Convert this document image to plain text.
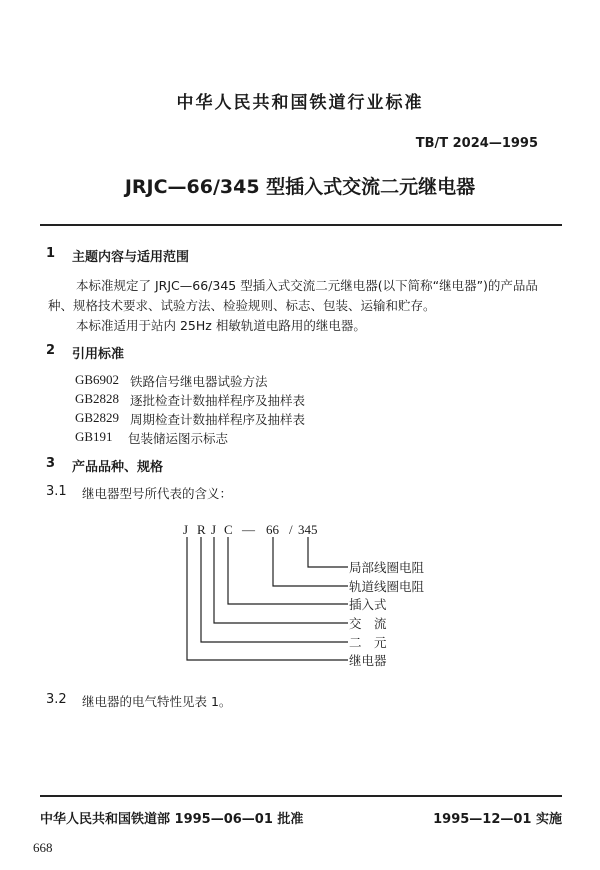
中华人民共和国铁道行业标准
TB/T 2024—1995
JRJC—66/345 型插入式交流二元继电器
1 主题内容与适用范围
本标准规定了 JRJC—66/345 型插入式交流二元继电器(以下简称“继电器”)的产品品
种、规格技术要求、试验方法、检验规则、标志、包装、运输和贮存。
本标准适用于站内 25Hz 相敏轨道电路用的继电器。
2 引用标准
GB6902 铁路信号继电器试验方法
GB2828 逐批检查计数抽样程序及抽样表
GB2829 周期检查计数抽样程序及抽样表
GB191 包装储运图示标志
3 产品品种、规格
3.1 继电器型号所代表的含义：
J R J C — 66 / 345
局部线圈电阻
轨道线圈电阻
插入式
交　流
二　元
继电器
3.2 继电器的电气特性见表 1。
中华人民共和国铁道部 1995—06—01 批准	1995—12—01 实施
668
